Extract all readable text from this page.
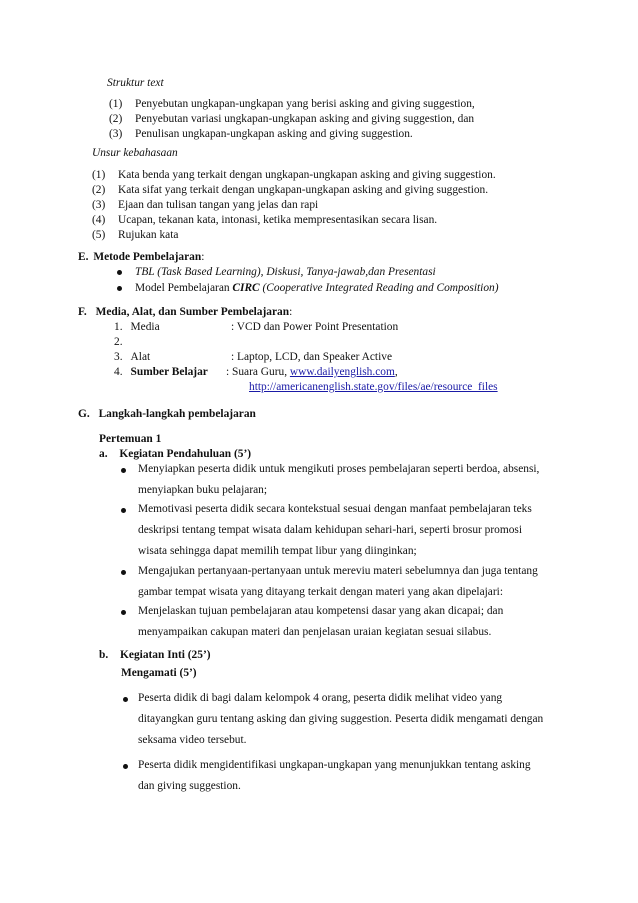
Struktur text
(1)	Penyebutan ungkapan-ungkapan yang berisi asking and giving suggestion,
(2)	Penyebutan variasi ungkapan-ungkapan asking and giving suggestion, dan
(3)	Penulisan ungkapan-ungkapan asking and giving suggestion.
Unsur kebahasaan
(1)	Kata benda yang terkait dengan ungkapan-ungkapan asking and giving suggestion.
(2)	Kata sifat yang terkait dengan ungkapan-ungkapan asking and giving suggestion.
(3)	Ejaan dan tulisan tangan yang jelas dan rapi
(4)	Ucapan, tekanan kata, intonasi, ketika mempresentasikan secara lisan.
(5)	Rujukan kata
E. Metode Pembelajaran:
TBL (Task Based Learning), Diskusi, Tanya-jawab,dan Presentasi
Model Pembelajaran CIRC (Cooperative Integrated Reading and Composition)
F. Media, Alat, dan Sumber Pembelajaran:
1. Media	: VCD dan Power Point Presentation
2.
3. Alat	: Laptop, LCD, dan Speaker Active
4. Sumber Belajar : Suara Guru, www.dailyenglish.com,
http://americanenglish.state.gov/files/ae/resource_files
G. Langkah-langkah pembelajaran
Pertemuan 1
a. Kegiatan Pendahuluan (5’)
Menyiapkan peserta didik untuk mengikuti proses pembelajaran seperti berdoa, absensi,
menyiapkan buku pelajaran;
Memotivasi peserta didik secara kontekstual sesuai dengan manfaat pembelajaran teks
deskripsi tentang tempat wisata dalam kehidupan sehari-hari, seperti brosur promosi
wisata sehingga dapat memilih tempat libur yang diinginkan;
Mengajukan pertanyaan-pertanyaan untuk mereviu materi sebelumnya dan juga tentang
gambar tempat wisata yang ditayang terkait dengan materi yang akan dipelajari:
Menjelaskan tujuan pembelajaran atau kompetensi dasar yang akan dicapai; dan
menyampaikan cakupan materi dan penjelasan uraian kegiatan sesuai silabus.
b. Kegiatan Inti (25’)
Mengamati (5’)
Peserta didik di bagi dalam kelompok 4 orang, peserta didik melihat video yang
ditayangkan guru tentang asking dan giving suggestion. Peserta didik mengamati dengan
seksama video tersebut.
Peserta didik mengidentifikasi ungkapan-ungkapan yang menunjukkan tentang asking
dan giving suggestion.
